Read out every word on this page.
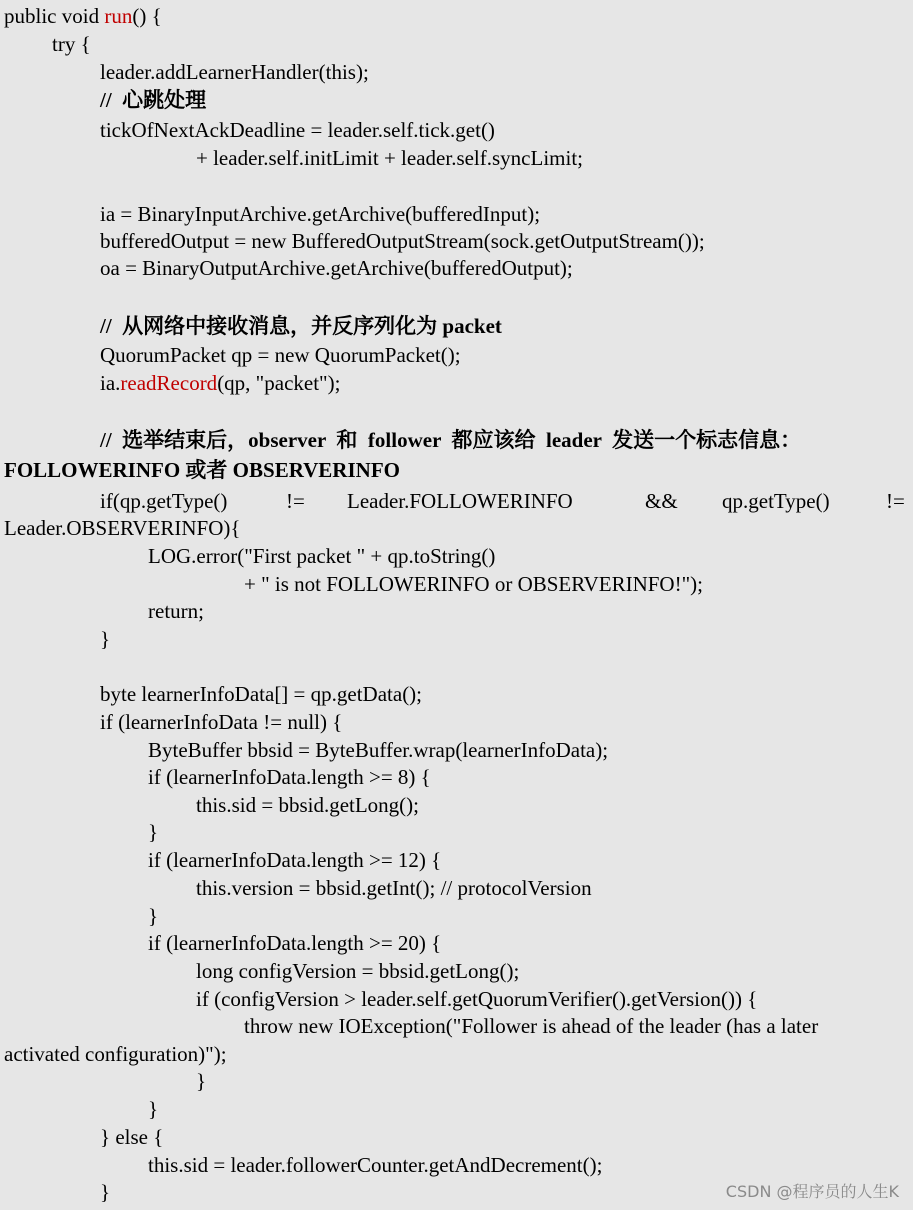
public void run() {
try {
leader.addLearnerHandler(this);
//  心跳处理
tickOfNextAckDeadline = leader.self.tick.get()
+ leader.self.initLimit + leader.self.syncLimit;
ia = BinaryInputArchive.getArchive(bufferedInput);
bufferedOutput = new BufferedOutputStream(sock.getOutputStream());
oa = BinaryOutputArchive.getArchive(bufferedOutput);
//  从网络中接收消息，并反序列化为 packet
QuorumPacket qp = new QuorumPacket();
ia.readRecord(qp, "packet");
//  选举结束后，observer  和  follower  都应该给  leader  发送一个标志信息：
FOLLOWERINFO 或者 OBSERVERINFO
if(qp.getType()	!= Leader.FOLLOWERINFO	&& qp.getType()	!=
Leader.OBSERVERINFO){
LOG.error("First packet " + qp.toString()
+ " is not FOLLOWERINFO or OBSERVERINFO!");
return;
}
byte learnerInfoData[] = qp.getData();
if (learnerInfoData != null) {
ByteBuffer bbsid = ByteBuffer.wrap(learnerInfoData);
if (learnerInfoData.length >= 8) {
this.sid = bbsid.getLong();
}
if (learnerInfoData.length >= 12) {
this.version = bbsid.getInt(); // protocolVersion
}
if (learnerInfoData.length >= 20) {
long configVersion = bbsid.getLong();
if (configVersion > leader.self.getQuorumVerifier().getVersion()) {
throw new IOException("Follower is ahead of the leader (has a later
activated configuration)");
}
}
} else {
this.sid = leader.followerCounter.getAndDecrement();
}	CSDN @程序员的人生K
